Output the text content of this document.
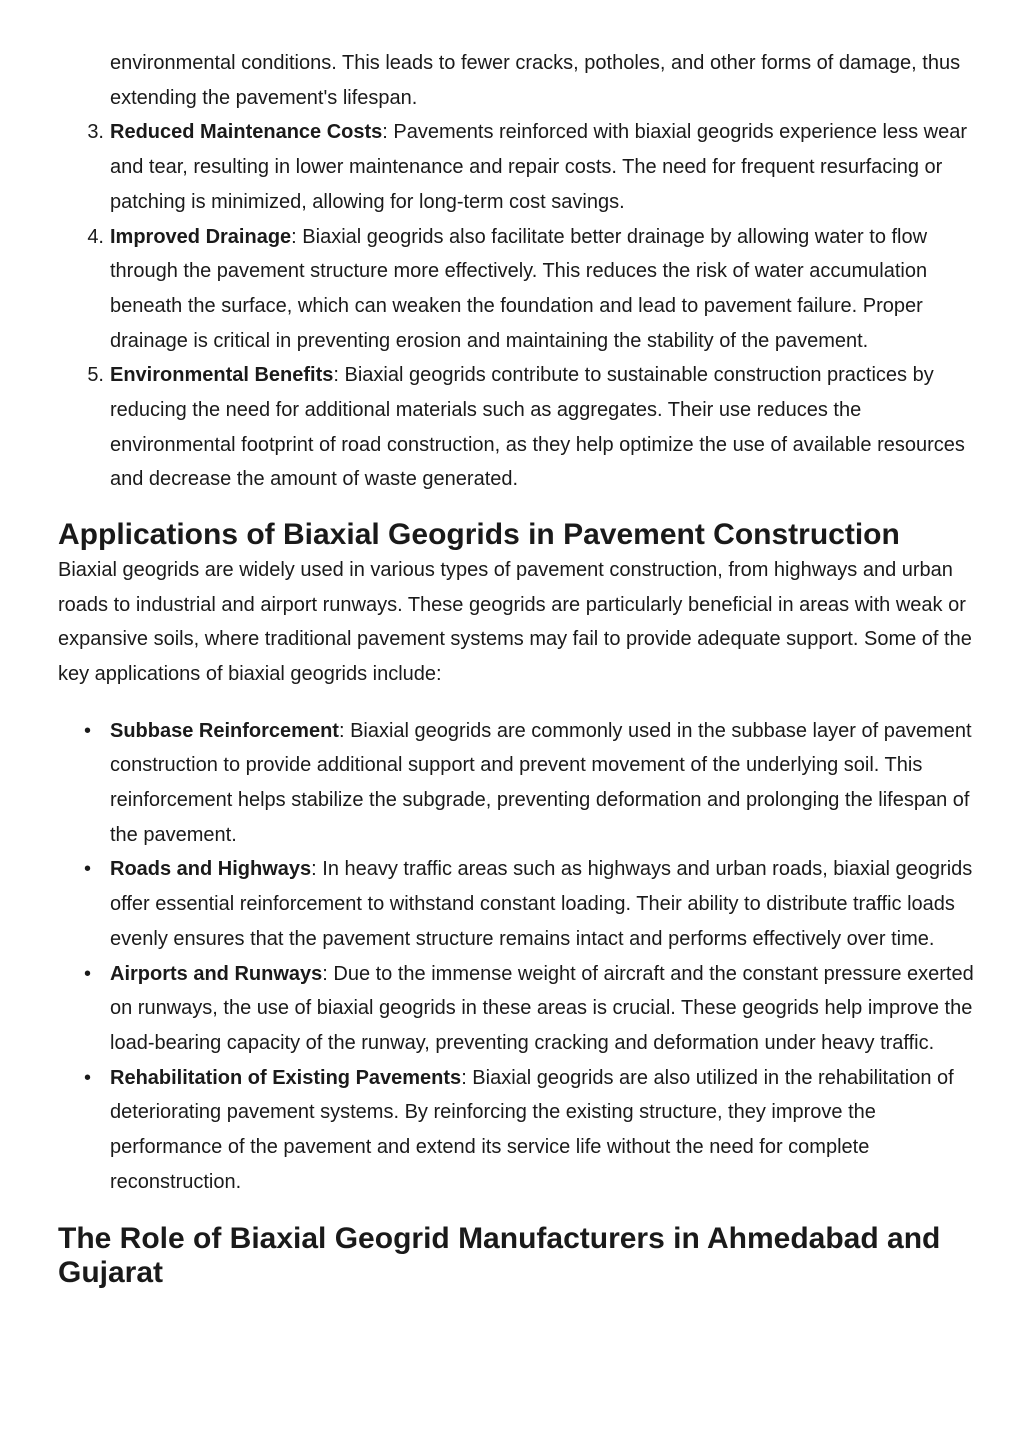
environmental conditions. This leads to fewer cracks, potholes, and other forms of damage, thus extending the pavement's lifespan.
3. Reduced Maintenance Costs: Pavements reinforced with biaxial geogrids experience less wear and tear, resulting in lower maintenance and repair costs. The need for frequent resurfacing or patching is minimized, allowing for long-term cost savings.
4. Improved Drainage: Biaxial geogrids also facilitate better drainage by allowing water to flow through the pavement structure more effectively. This reduces the risk of water accumulation beneath the surface, which can weaken the foundation and lead to pavement failure. Proper drainage is critical in preventing erosion and maintaining the stability of the pavement.
5. Environmental Benefits: Biaxial geogrids contribute to sustainable construction practices by reducing the need for additional materials such as aggregates. Their use reduces the environmental footprint of road construction, as they help optimize the use of available resources and decrease the amount of waste generated.
Applications of Biaxial Geogrids in Pavement Construction

Biaxial geogrids are widely used in various types of pavement construction, from highways and urban roads to industrial and airport runways. These geogrids are particularly beneficial in areas with weak or expansive soils, where traditional pavement systems may fail to provide adequate support. Some of the key applications of biaxial geogrids include:

• Subbase Reinforcement: Biaxial geogrids are commonly used in the subbase layer of pavement construction to provide additional support and prevent movement of the underlying soil. This reinforcement helps stabilize the subgrade, preventing deformation and prolonging the lifespan of the pavement.
• Roads and Highways: In heavy traffic areas such as highways and urban roads, biaxial geogrids offer essential reinforcement to withstand constant loading. Their ability to distribute traffic loads evenly ensures that the pavement structure remains intact and performs effectively over time.
• Airports and Runways: Due to the immense weight of aircraft and the constant pressure exerted on runways, the use of biaxial geogrids in these areas is crucial. These geogrids help improve the load-bearing capacity of the runway, preventing cracking and deformation under heavy traffic.
• Rehabilitation of Existing Pavements: Biaxial geogrids are also utilized in the rehabilitation of deteriorating pavement systems. By reinforcing the existing structure, they improve the performance of the pavement and extend its service life without the need for complete reconstruction.
The Role of Biaxial Geogrid Manufacturers in Ahmedabad and Gujarat
